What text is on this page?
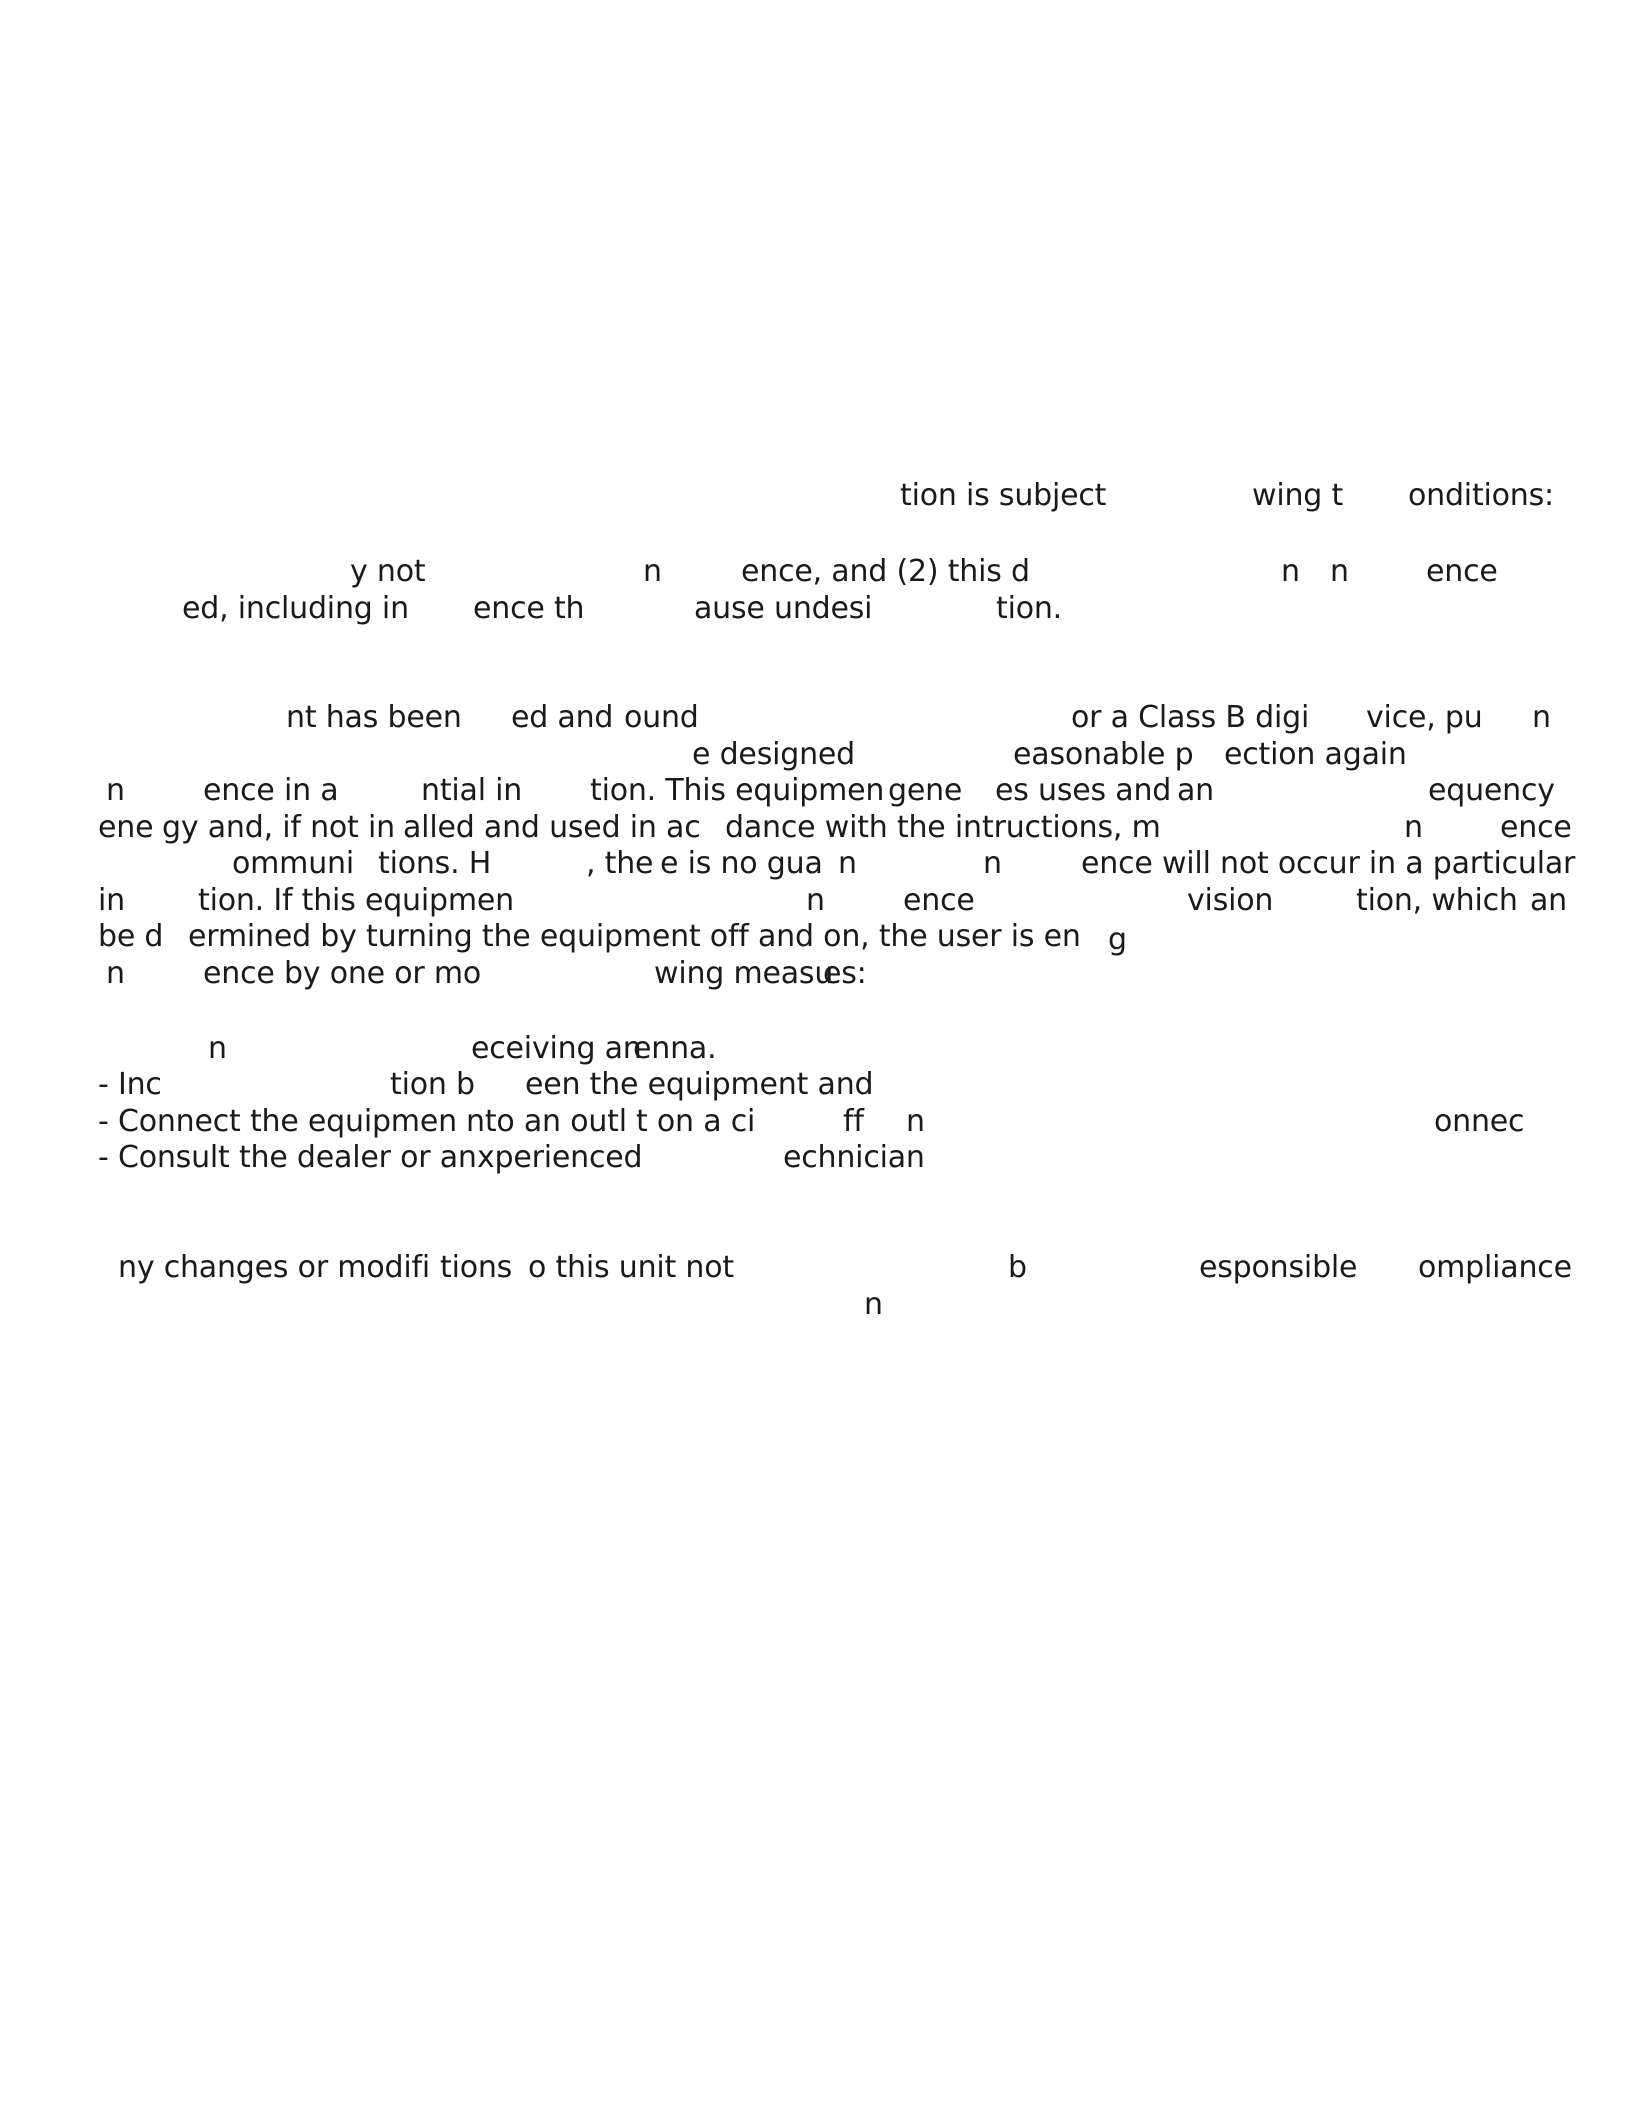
tion is subject	wing t onditions:
y not	n	ence, and (2) this d	n n	ence
ed, including in ence th	ause undesi	tion.
nt has been ed and ound	or a Class B digi vice, pu n
e designed	easonable p ection again
n	ence in a	ntial in tion. This equipmen gene es uses and an	equency
ene gy and, if not in alled and used in ac dance with the in tructions, m	n	ence
ommuni tions. H	, the e is no gua n	n	ence will not occur in a particular
in tion. If this equipmen	n	ence	vision	tion, which an
be d ermined by turning the equipment off and on, the user is en g
n	ence by one or mo	wing measu
es:
n	eceiving an
enna.
- Inc	tion b een the equipment and
- Connect the equipmen nto an outl t on a ci	ff n	onnec
- Consult the dealer or an xperienced	echnician
ny changes or modifi tions o this unit not	b	esponsible ompliance
n
